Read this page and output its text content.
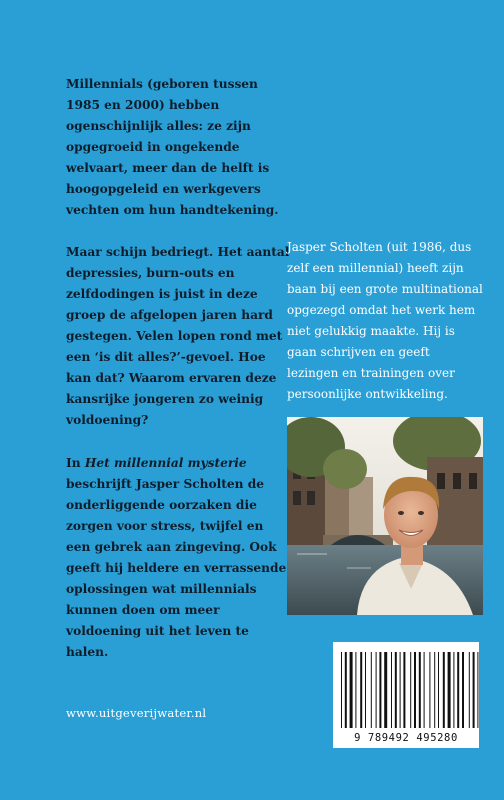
Millennials (geboren tussen 1985 en 2000) hebben ogenschijnlijk alles: ze zijn opgegroeid in ongekende welvaart, meer dan de helft is hoogopgeleid en werkgevers vechten om hun handtekening.

Maar schijn bedriegt. Het aantal depressies, burn-outs en zelfdodingen is juist in deze groep de afgelopen jaren hard gestegen. Velen lopen rond met een ‘is dit alles?’-gevoel. Hoe kan dat? Waarom ervaren deze kansrijke jongeren zo weinig voldoening?

In Het millennial mysterie beschrijft Jasper Scholten de onderliggende oorzaken die zorgen voor stress, twijfel en een gebrek aan zingeving. Ook geeft hij heldere en verrassende oplossingen wat millennials kunnen doen om meer voldoening uit het leven te halen.

Jasper Scholten (uit 1986, dus zelf een millennial) heeft zijn baan bij een grote multinational opgezegd omdat het werk hem niet gelukkig maakte. Hij is gaan schrijven en geeft lezingen en trainingen over persoonlijke ontwikkeling.

www.uitgeverijwater.nl
9 789492 495280
